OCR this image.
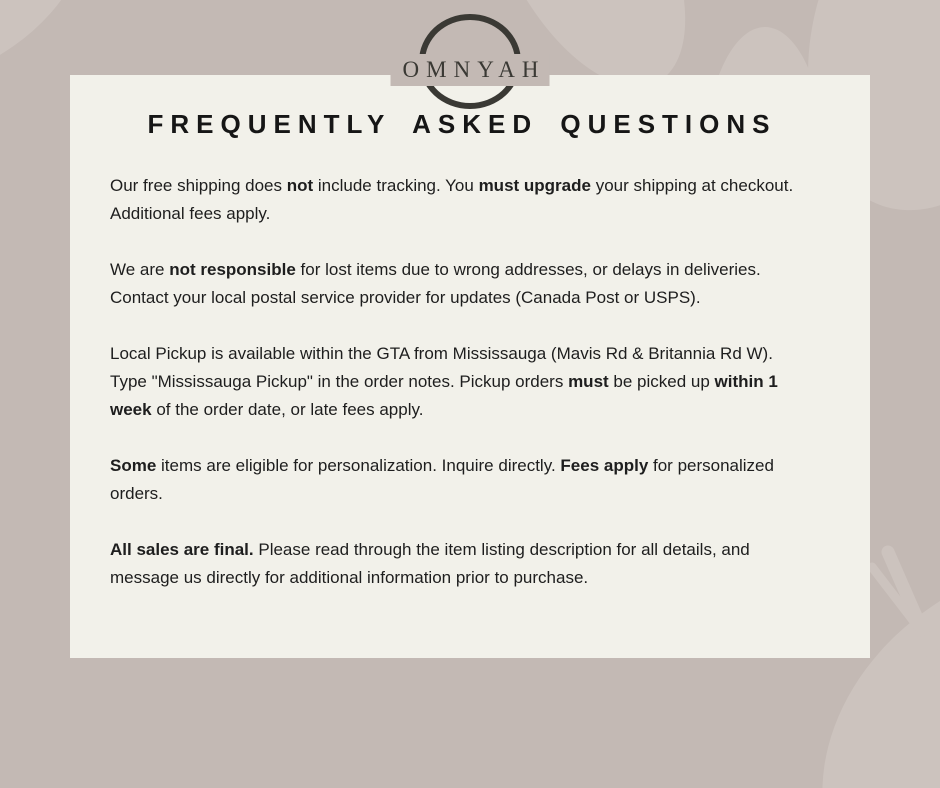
FREQUENTLY ASKED QUESTIONS

Our free shipping does not include tracking. You must upgrade your shipping at checkout. Additional fees apply.

We are not responsible for lost items due to wrong addresses, or delays in deliveries. Contact your local postal service provider for updates (Canada Post or USPS).

Local Pickup is available within the GTA from Mississauga (Mavis Rd & Britannia Rd W). Type "Mississauga Pickup" in the order notes. Pickup orders must be picked up within 1 week of the order date, or late fees apply.

Some items are eligible for personalization. Inquire directly. Fees apply for personalized orders.

All sales are final. Please read through the item listing description for all details, and message us directly for additional information prior to purchase.

OMNYAH
